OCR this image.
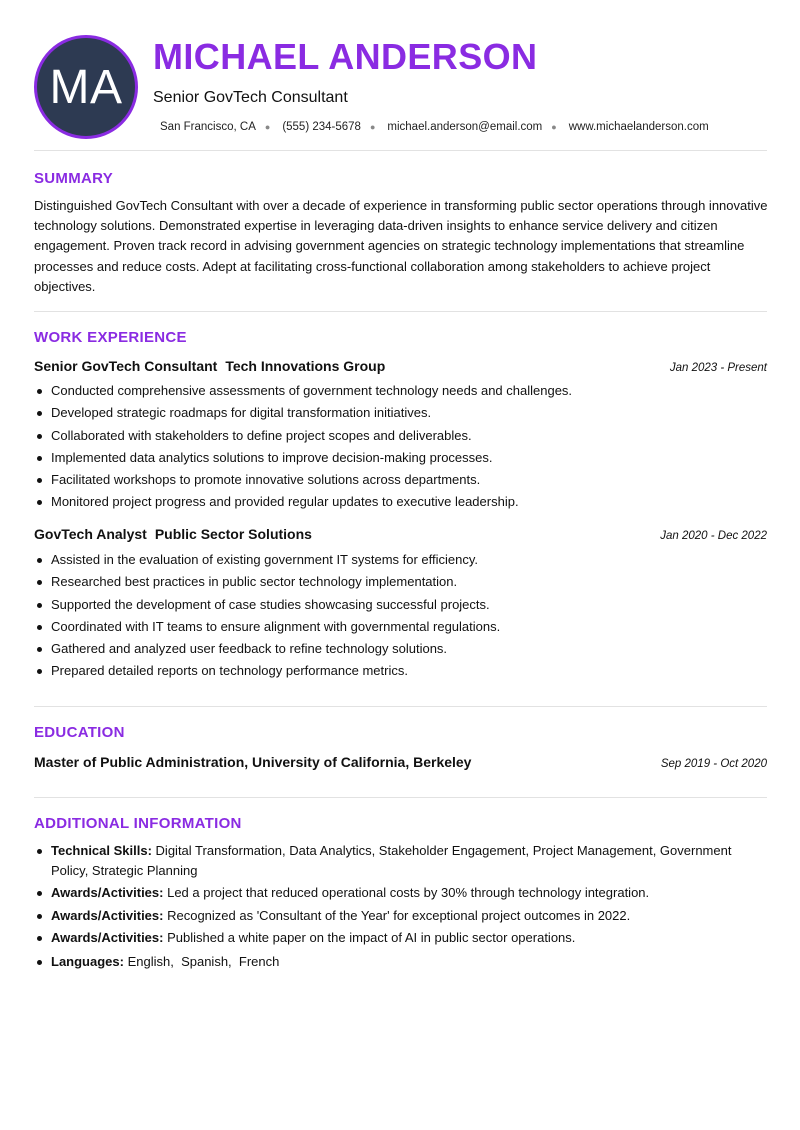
MA
MICHAEL ANDERSON
Senior GovTech Consultant
San Francisco, CA ● (555) 234-5678 ● michael.anderson@email.com ● www.michaelanderson.com
SUMMARY
Distinguished GovTech Consultant with over a decade of experience in transforming public sector operations through innovative technology solutions. Demonstrated expertise in leveraging data-driven insights to enhance service delivery and citizen engagement. Proven track record in advising government agencies on strategic technology implementations that streamline processes and reduce costs. Adept at facilitating cross-functional collaboration among stakeholders to achieve project objectives.
WORK EXPERIENCE
Senior GovTech Consultant Tech Innovations Group	Jan 2023 - Present
Conducted comprehensive assessments of government technology needs and challenges.
Developed strategic roadmaps for digital transformation initiatives.
Collaborated with stakeholders to define project scopes and deliverables.
Implemented data analytics solutions to improve decision-making processes.
Facilitated workshops to promote innovative solutions across departments.
Monitored project progress and provided regular updates to executive leadership.
GovTech Analyst Public Sector Solutions	Jan 2020 - Dec 2022
Assisted in the evaluation of existing government IT systems for efficiency.
Researched best practices in public sector technology implementation.
Supported the development of case studies showcasing successful projects.
Coordinated with IT teams to ensure alignment with governmental regulations.
Gathered and analyzed user feedback to refine technology solutions.
Prepared detailed reports on technology performance metrics.
EDUCATION
Master of Public Administration, University of California, Berkeley	Sep 2019 - Oct 2020
ADDITIONAL INFORMATION
Technical Skills: Digital Transformation, Data Analytics, Stakeholder Engagement, Project Management, Government Policy, Strategic Planning
Awards/Activities: Led a project that reduced operational costs by 30% through technology integration.
Awards/Activities: Recognized as 'Consultant of the Year' for exceptional project outcomes in 2022.
Awards/Activities: Published a white paper on the impact of AI in public sector operations.
Languages: English,  Spanish,  French
